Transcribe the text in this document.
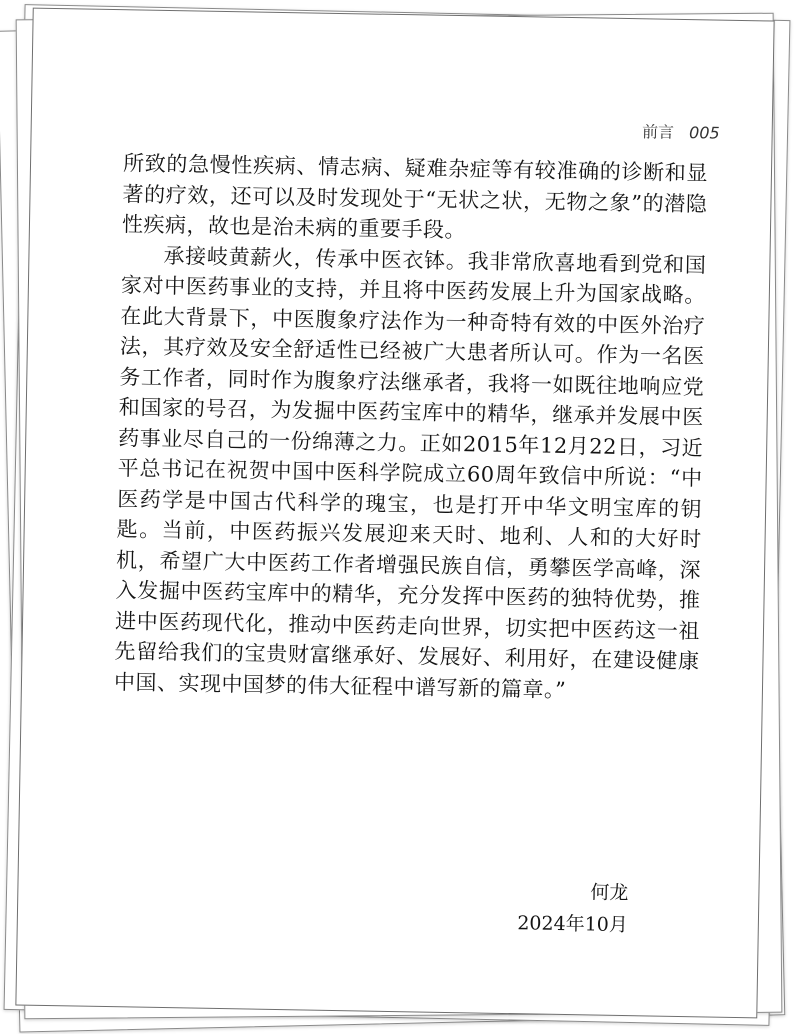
前言 005

所致的急慢性疾病、情志病、疑难杂症等有较准确的诊断和显著的疗效，还可以及时发现处于“无状之状，无物之象”的潜隐性疾病，故也是治未病的重要手段。

承接岐黄薪火，传承中医衣钵。我非常欣喜地看到党和国家对中医药事业的支持，并且将中医药发展上升为国家战略。在此大背景下，中医腹象疗法作为一种奇特有效的中医外治疗法，其疗效及安全舒适性已经被广大患者所认可。作为一名医务工作者，同时作为腹象疗法继承者，我将一如既往地响应党和国家的号召，为发掘中医药宝库中的精华，继承并发展中医药事业尽自己的一份绵薄之力。正如2015年12月22日，习近平总书记在祝贺中国中医科学院成立60周年致信中所说：“中医药学是中国古代科学的瑰宝，也是打开中华文明宝库的钥匙。当前，中医药振兴发展迎来天时、地利、人和的大好时机，希望广大中医药工作者增强民族自信，勇攀医学高峰，深入发掘中医药宝库中的精华，充分发挥中医药的独特优势，推进中医药现代化，推动中医药走向世界，切实把中医药这一祖先留给我们的宝贵财富继承好、发展好、利用好，在建设健康中国、实现中国梦的伟大征程中谱写新的篇章。”

何龙
2024年10月
